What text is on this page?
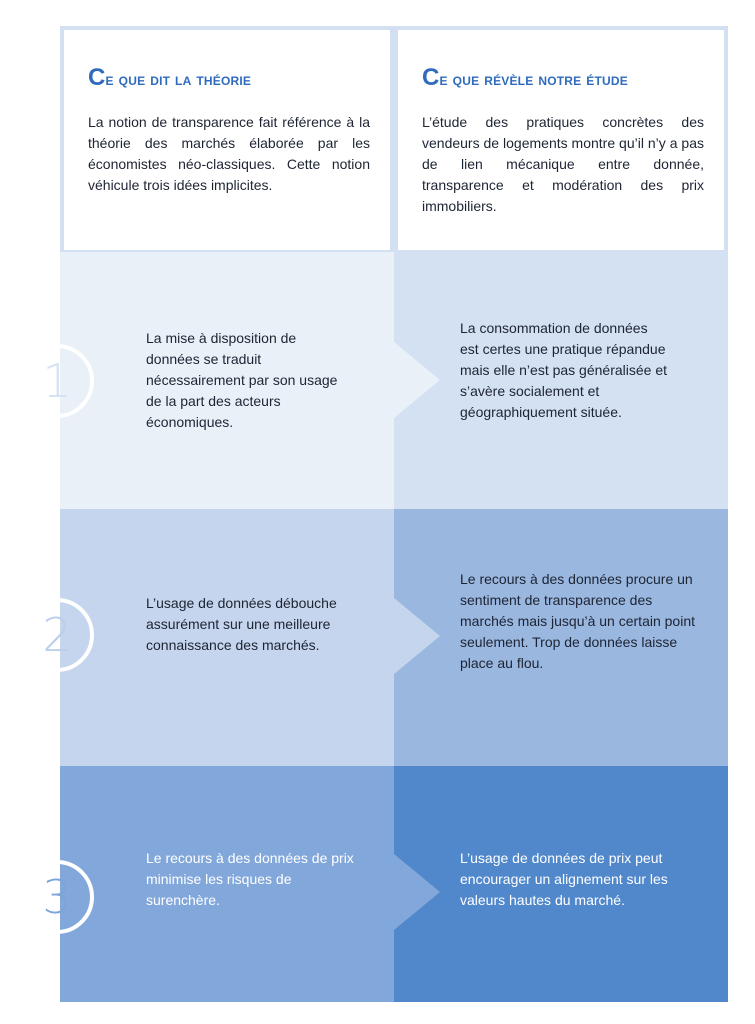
Ce que dit la théorie

La notion de transparence fait référence à la théorie des marchés élaborée par les économistes néo-classiques. Cette notion véhicule trois idées implicites.

Ce que révèle notre étude

L’étude des pratiques concrètes des vendeurs de logements montre qu’il n’y a pas de lien mécanique entre donnée, transparence et modération des prix immobiliers.

La mise à disposition de données se traduit nécessairement par son usage de la part des acteurs économiques.

La consommation de données est certes une pratique répandue mais elle n’est pas généralisée et s’avère socialement et géographiquement située.

1

L’usage de données débouche assurément sur une meilleure connaissance des marchés.

Le recours à des données procure un sentiment de transparence des marchés mais jusqu’à un certain point seulement. Trop de données laisse place au flou.

2

Le recours à des données de prix minimise les risques de surenchère.

L’usage de données de prix peut encourager un alignement sur les valeurs hautes du marché.

3
